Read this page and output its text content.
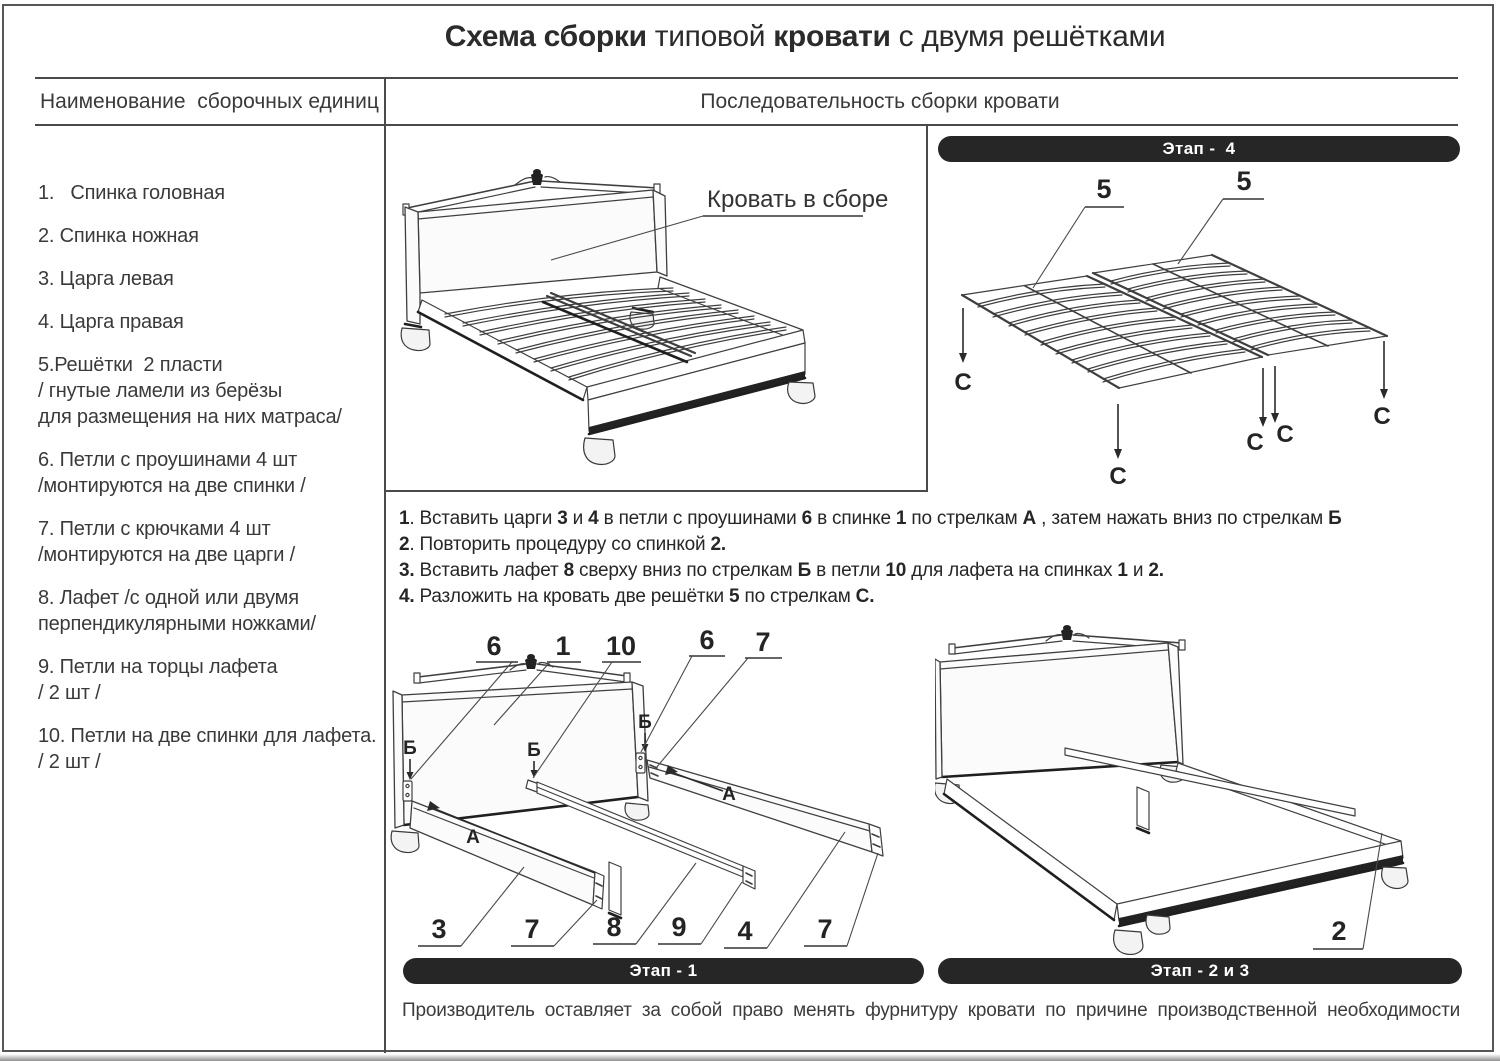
Схема сборки типовой кровати с двумя решётками
Наименование  сборочных единиц	Последовательность сборки кровати
1.   Спинка головная
2. Спинка ножная
3. Царга левая
4. Царга правая
5.Решётки  2 пласти
/ гнутые ламели из берёзы
для размещения на них матраса/
6. Петли с проушинами 4 шт
/монтируются на две спинки /
7. Петли с крючками 4 шт
/монтируются на две царги /
8. Лафет /с одной или двумя
перпендикулярными ножками/
9. Петли на торцы лафета
/ 2 шт /
10. Петли на две спинки для лафета.
/ 2 шт /
Кровать в сборе
Этап -  4
5	5
С
С
С С
С
1. Вставить царги 3 и 4 в петли с проушинами 6 в спинке 1 по стрелкам А , затем нажать вниз по стрелкам Б
2. Повторить процедуру со спинкой 2.
3. Вставить лафет 8 сверху вниз по стрелкам Б в петли 10 для лафета на спинках 1 и 2.
4. Разложить на кровать две решётки 5 по стрелкам С.
Б	Б
Б
А
А
6 1 10 6 7
3	7 8 9 4 7	2
Этап - 1	Этап - 2 и 3
Производитель оставляет за собой право менять фурнитуру кровати по причине производственной необходимости
